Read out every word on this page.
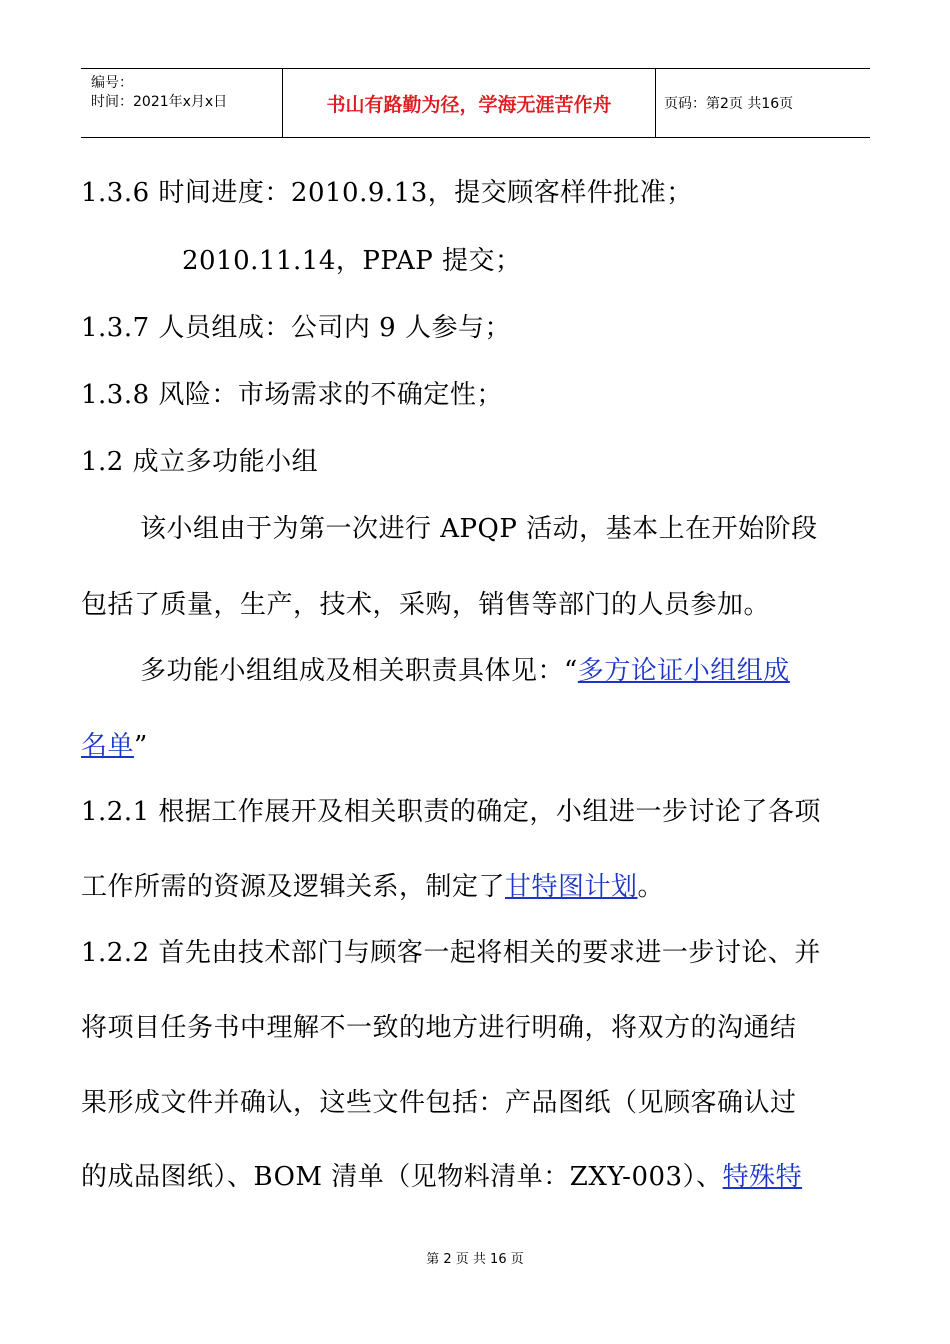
编号：
时间：2021年x月x日	书山有路勤为径，学海无涯苦作舟	页码：第2页 共16页
1.3.6 时间进度：2010.9.13，提交顾客样件批准；
2010.11.14，PPAP 提交；
1.3.7 人员组成：公司内 9 人参与；
1.3.8 风险：市场需求的不确定性；
1.2 成立多功能小组
该小组由于为第一次进行 APQP 活动，基本上在开始阶段
包括了质量，生产，技术，采购，销售等部门的人员参加。
多功能小组组成及相关职责具体见：“多方论证小组组成
名单”
1.2.1 根据工作展开及相关职责的确定，小组进一步讨论了各项
工作所需的资源及逻辑关系，制定了甘特图计划。
1.2.2 首先由技术部门与顾客一起将相关的要求进一步讨论、并
将项目任务书中理解不一致的地方进行明确，将双方的沟通结
果形成文件并确认，这些文件包括：产品图纸（见顾客确认过
的成品图纸）、BOM 清单（见物料清单：ZXY-003）、特殊特
第 2 页 共 16 页
